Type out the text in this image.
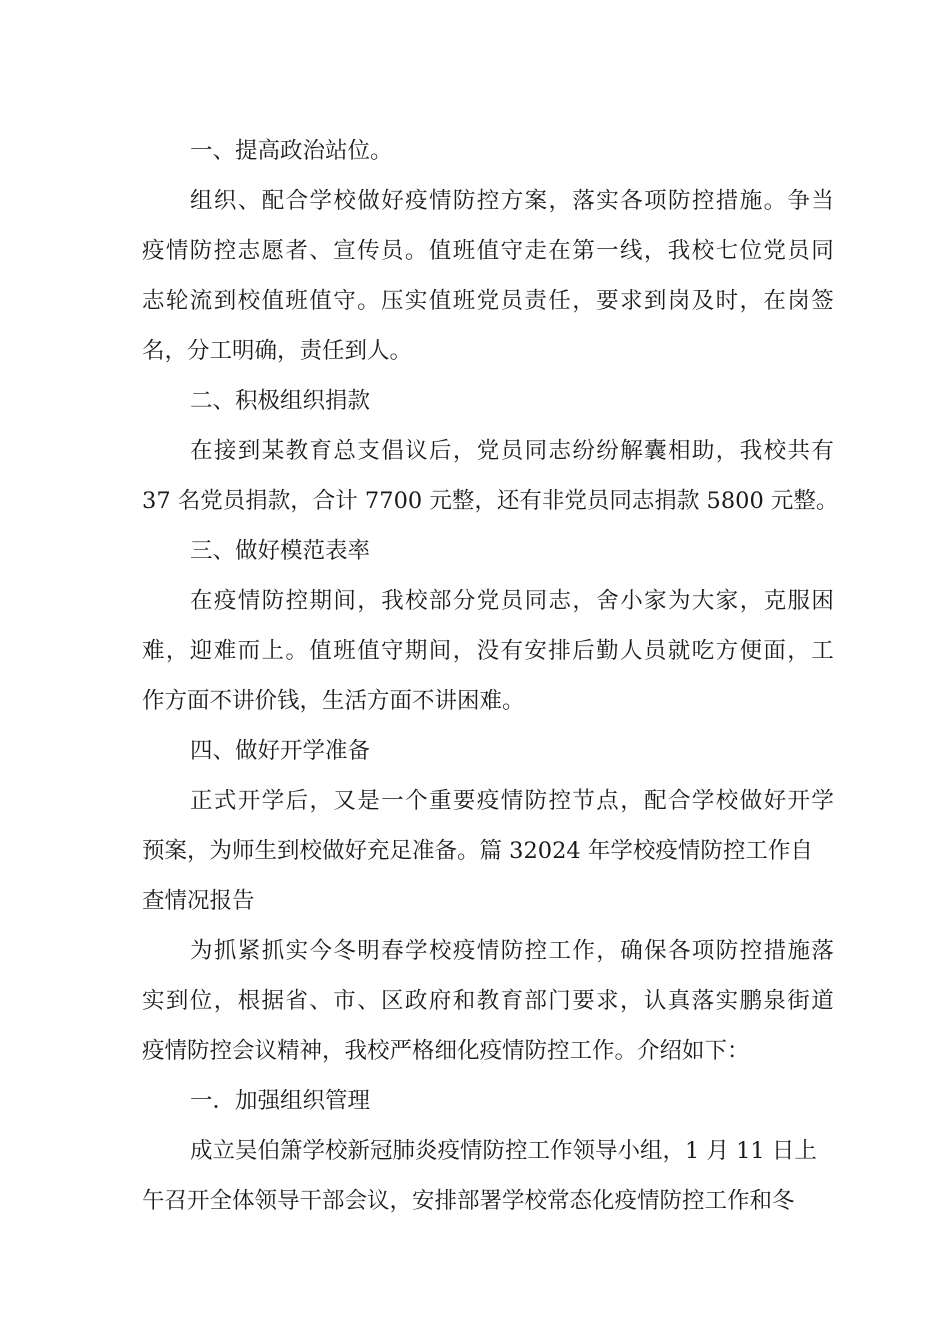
一、提高政治站位。
组织、配合学校做好疫情防控方案，落实各项防控措施。争当
疫情防控志愿者、宣传员。值班值守走在第一线，我校七位党员同
志轮流到校值班值守。压实值班党员责任，要求到岗及时，在岗签
名，分工明确，责任到人。
二、积极组织捐款
在接到某教育总支倡议后，党员同志纷纷解囊相助，我校共有
37 名党员捐款，合计 7700 元整，还有非党员同志捐款 5800 元整。
三、做好模范表率
在疫情防控期间，我校部分党员同志，舍小家为大家，克服困
难，迎难而上。值班值守期间，没有安排后勤人员就吃方便面，工
作方面不讲价钱，生活方面不讲困难。
四、做好开学准备
正式开学后，又是一个重要疫情防控节点，配合学校做好开学
预案，为师生到校做好充足准备。篇 32024 年学校疫情防控工作自
查情况报告
为抓紧抓实今冬明春学校疫情防控工作，确保各项防控措施落
实到位，根据省、市、区政府和教育部门要求，认真落实鹏泉街道
疫情防控会议精神，我校严格细化疫情防控工作。介绍如下：
一．加强组织管理
成立吴伯箫学校新冠肺炎疫情防控工作领导小组，1 月 11 日上
午召开全体领导干部会议，安排部署学校常态化疫情防控工作和冬
